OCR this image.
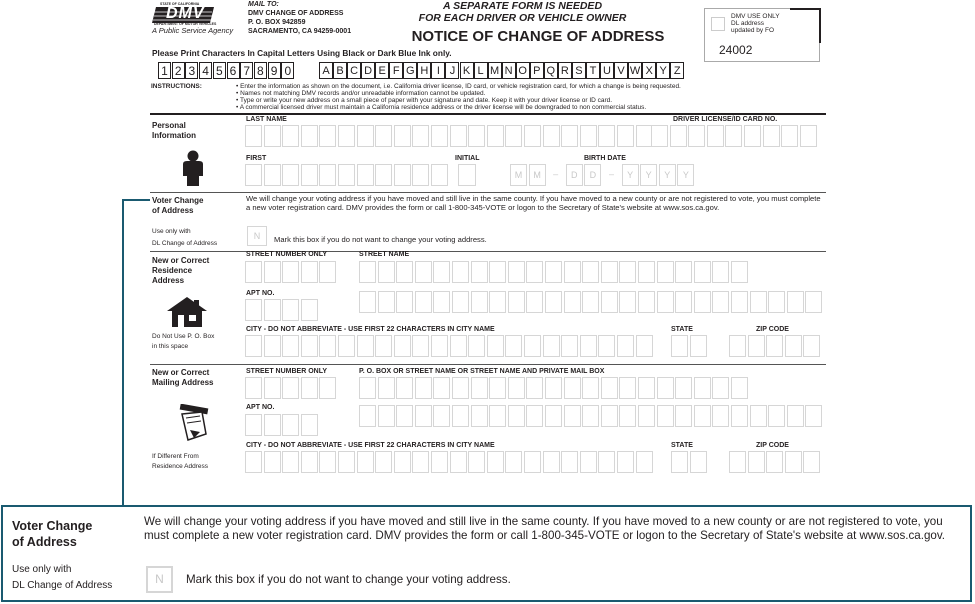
STATE OF CALIFORNIA
DMV
DEPARTMENT OF MOTOR VEHICLES
A Public Service Agency
MAIL TO:
DMV CHANGE OF ADDRESS
P. O. BOX 942859
SACRAMENTO, CA 94259-0001
A SEPARATE FORM IS NEEDED
FOR EACH DRIVER OR VEHICLE OWNER
NOTICE OF CHANGE OF ADDRESS
DMV USE ONLY
DL address
updated by FO
24002
Please Print Characters In Capital Letters Using Black or Dark Blue Ink only.
1 2 3 4 5 6 7 8 9 0	A B C D E F G H I J K L M N O P Q R S T U V W X Y Z
INSTRUCTIONS:	• Enter the information as shown on the document, i.e. California driver license, ID card, or vehicle registration card, for which a change is being requested.
• Names not matching DMV records and/or unreadable information cannot be updated.
• Type or write your new address on a small piece of paper with your signature and date. Keep it with your driver license or ID card.
• A commercial licensed driver must maintain a California residence address or the driver license will be downgraded to non commercial status.
Personal
Information
LAST NAME	DRIVER LICENSE/ID CARD NO.
FIRST	INITIAL	BIRTH DATE
M	M	–	D	D	–	Y	Y	Y	Y
Voter Change
of Address
Use only with
DL Change of Address
We will change your voting address if you have moved and still live in the same county. If you have moved to a new county or are not registered to vote, you must complete a new voter registration card. DMV provides the form or call 1-800-345-VOTE or logon to the Secretary of State's website at www.sos.ca.gov.
N	Mark this box if you do not want to change your voting address.
New or Correct
Residence
Address
Do Not Use P. O. Box
in this space
STREET NUMBER ONLY	STREET NAME
APT NO.
CITY - DO NOT ABBREVIATE - USE FIRST 22 CHARACTERS IN CITY NAME	STATE	ZIP CODE
New or Correct
Mailing Address
If Different From
Residence Address
STREET NUMBER ONLY	P. O. BOX OR STREET NAME OR STREET NAME AND PRIVATE MAIL BOX
APT NO.
CITY - DO NOT ABBREVIATE - USE FIRST 22 CHARACTERS IN CITY NAME	STATE	ZIP CODE
Voter Change
of Address
Use only with
DL Change of Address
We will change your voting address if you have moved and still live in the same county. If you have moved to a new county or are not registered to vote, you must complete a new voter registration card. DMV provides the form or call 1-800-345-VOTE or logon to the Secretary of State's website at www.sos.ca.gov.
N	Mark this box if you do not want to change your voting address.
